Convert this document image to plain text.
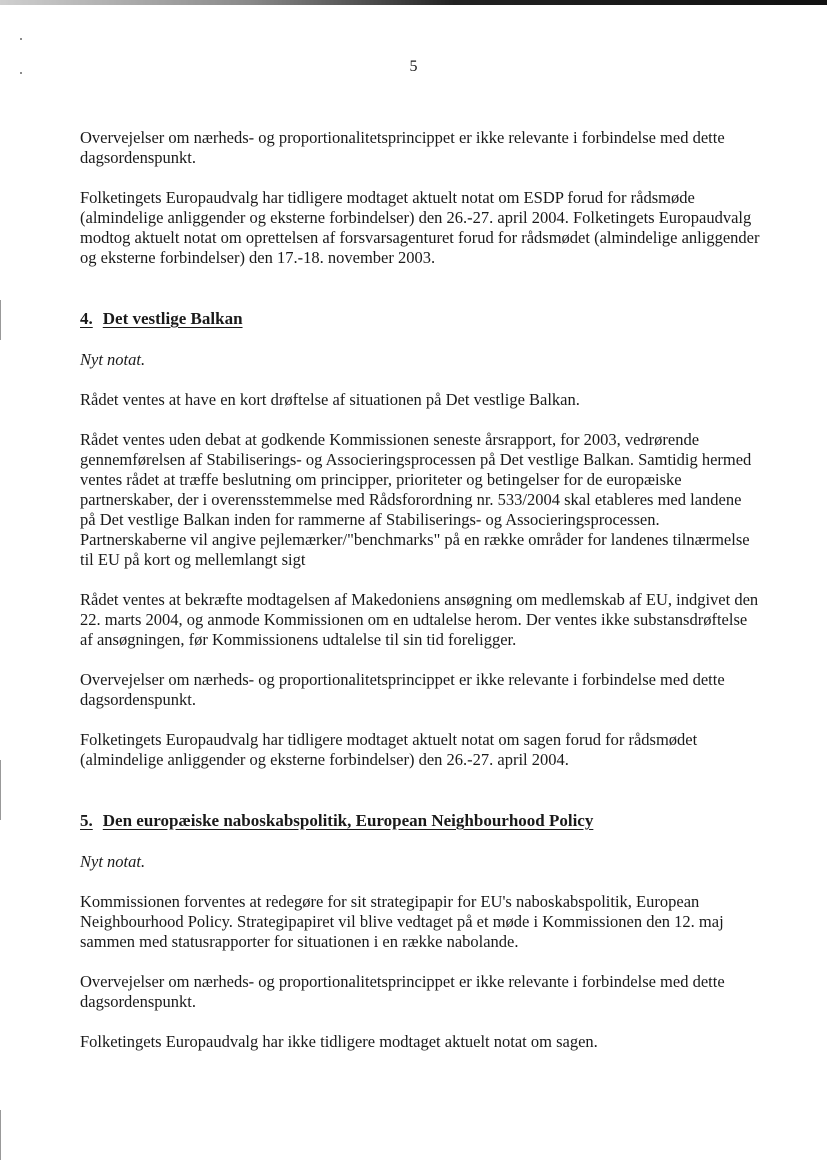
5

Overvejelser om nærheds- og proportionalitetsprincippet er ikke relevante i forbindelse med dette dagsordenspunkt.

Folketingets Europaudvalg har tidligere modtaget aktuelt notat om ESDP forud for rådsmøde (almindelige anliggender og eksterne forbindelser) den 26.-27. april 2004. Folketingets Europaudvalg modtog aktuelt notat om oprettelsen af forsvarsagenturet forud for rådsmødet (almindelige anliggender og eksterne forbindelser) den 17.-18. november 2003.

4. Det vestlige Balkan
Nyt notat.

Rådet ventes at have en kort drøftelse af situationen på Det vestlige Balkan.

Rådet ventes uden debat at godkende Kommissionen seneste årsrapport, for 2003, vedrørende gennemførelsen af Stabiliserings- og Associeringsprocessen på Det vestlige Balkan. Samtidig hermed ventes rådet at træffe beslutning om principper, prioriteter og betingelser for de europæiske partnerskaber, der i overensstemmelse med Rådsforordning nr. 533/2004 skal etableres med landene på Det vestlige Balkan inden for rammerne af Stabiliserings- og Associeringsprocessen. Partnerskaberne vil angive pejlemærker/"benchmarks" på en række områder for landenes tilnærmelse til EU på kort og mellemlangt sigt

Rådet ventes at bekræfte modtagelsen af Makedoniens ansøgning om medlemskab af EU, indgivet den 22. marts 2004, og anmode Kommissionen om en udtalelse herom. Der ventes ikke substansdrøftelse af ansøgningen, før Kommissionens udtalelse til sin tid foreligger.

Overvejelser om nærheds- og proportionalitetsprincippet er ikke relevante i forbindelse med dette dagsordenspunkt.

Folketingets Europaudvalg har tidligere modtaget aktuelt notat om sagen forud for rådsmødet (almindelige anliggender og eksterne forbindelser) den 26.-27. april 2004.

5. Den europæiske naboskabspolitik, European Neighbourhood Policy
Nyt notat.

Kommissionen forventes at redegøre for sit strategipapir for EU's naboskabspolitik, European Neighbourhood Policy. Strategipapiret vil blive vedtaget på et møde i Kommissionen den 12. maj sammen med statusrapporter for situationen i en række nabolande.

Overvejelser om nærheds- og proportionalitetsprincippet er ikke relevante i forbindelse med dette dagsordenspunkt.

Folketingets Europaudvalg har ikke tidligere modtaget aktuelt notat om sagen.
